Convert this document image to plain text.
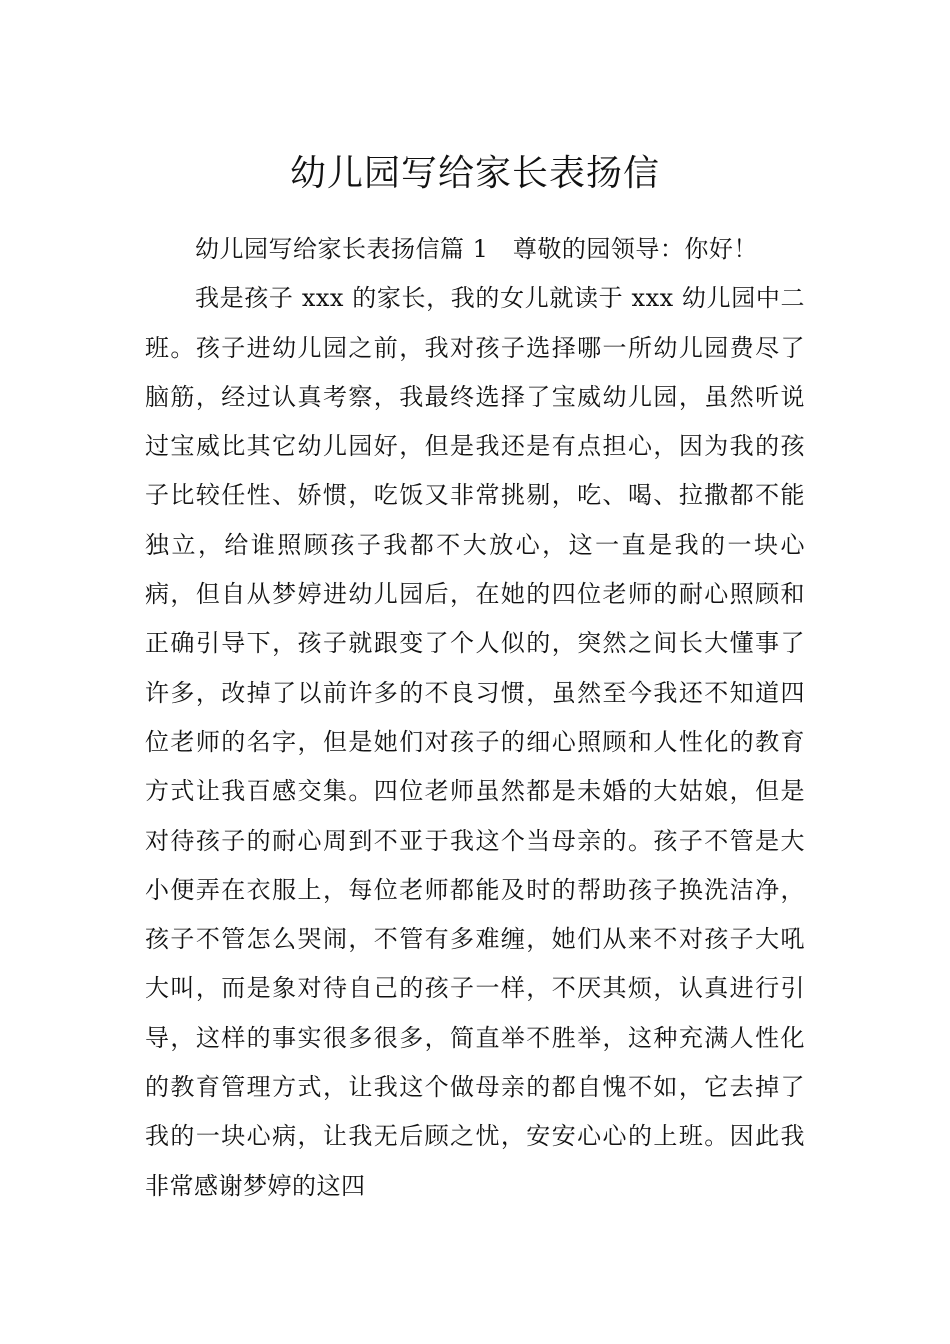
幼儿园写给家长表扬信

幼儿园写给家长表扬信篇 1　尊敬的园领导：你好！

我是孩子 xxx 的家长，我的女儿就读于 xxx 幼儿园中二班。孩子进幼儿园之前，我对孩子选择哪一所幼儿园费尽了脑筋，经过认真考察，我最终选择了宝威幼儿园，虽然听说过宝威比其它幼儿园好，但是我还是有点担心，因为我的孩子比较任性、娇惯，吃饭又非常挑剔，吃、喝、拉撒都不能独立，给谁照顾孩子我都不大放心，这一直是我的一块心病，但自从梦婷进幼儿园后，在她的四位老师的耐心照顾和正确引导下，孩子就跟变了个人似的，突然之间长大懂事了许多，改掉了以前许多的不良习惯，虽然至今我还不知道四位老师的名字，但是她们对孩子的细心照顾和人性化的教育方式让我百感交集。四位老师虽然都是未婚的大姑娘，但是对待孩子的耐心周到不亚于我这个当母亲的。孩子不管是大小便弄在衣服上，每位老师都能及时的帮助孩子换洗洁净，孩子不管怎么哭闹，不管有多难缠，她们从来不对孩子大吼大叫，而是象对待自己的孩子一样，不厌其烦，认真进行引导，这样的事实很多很多，简直举不胜举，这种充满人性化的教育管理方式，让我这个做母亲的都自愧不如，它去掉了我的一块心病，让我无后顾之忧，安安心心的上班。因此我非常感谢梦婷的这四
